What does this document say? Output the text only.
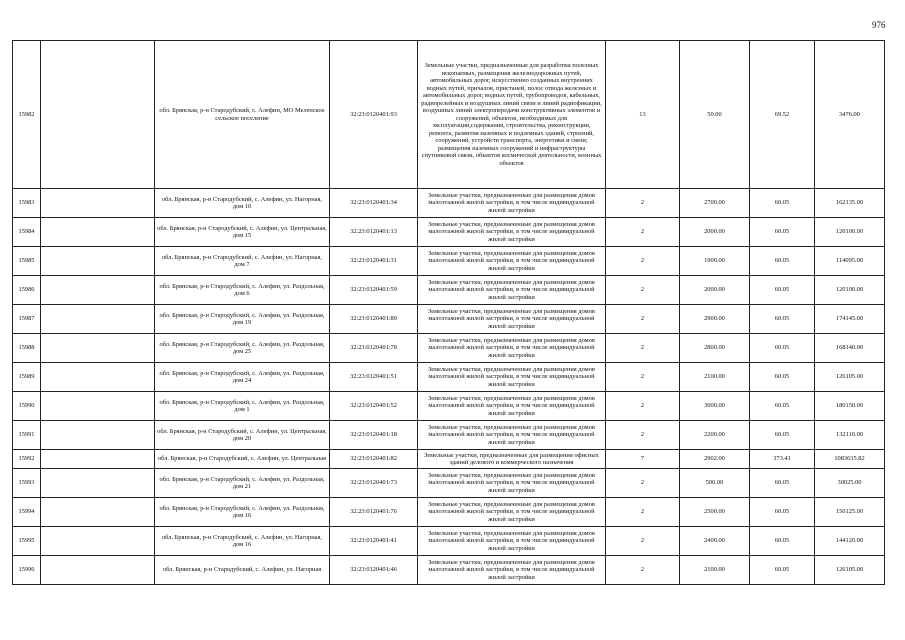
976
15982		обл. Брянская, р-н Стародубский, с. Алефин, МО Меленское сельское поселение	32:23:0120401:93	Земельные участки, предназначенные для разработки полезных ископаемых, размещения железнодорожных путей, автомобильных дорог, искусственно созданных внутренних водных путей, причалов, пристаней, полос отвода железных и автомобильных дорог, водных путей, трубопроводов, кабельных, радиорелейных и воздушных линий связи и линий радиофикации, воздушных линий электропередачи конструктивных элементов и сооружений, объектов, необходимых для эксплуатации,содержания, строительства, реконструкции, ремонта, развития наземных и подземных зданий, строений, сооружений, устройств транспорта, энергетики и связи; размещения наземных сооружений и инфраструктуры спутниковой связи, объектов космической деятельности, военных объектов	13	50.00	69.52	3476.00
15983		обл. Брянская, р-н Стародубский, с. Алефин, ул. Нагорная, дом 10	32:23:0120401:34	Земельные участки, предназначенные для размещения домов малоэтажной жилой застройки, в том числе индивидуальной жилой застройки	2	2700.00	60.05	162135.00
15984		обл. Брянская, р-н Стародубский, с. Алефин, ул. Центральная, дом 15	32:23:0120401:13	Земельные участки, предназначенные для размещения домов малоэтажной жилой застройки, в том числе индивидуальной жилой застройки	2	2000.00	60.05	120100.00
15985		обл. Брянская, р-н Стародубский, с. Алефин, ул. Нагорная, дом 7	32:23:0120401:31	Земельные участки, предназначенные для размещения домов малоэтажной жилой застройки, в том числе индивидуальной жилой застройки	2	1900.00	60.05	114095.00
15986		обл. Брянская, р-н Стародубский, с. Алефин, ул. Раздольная, дом 6	32:23:0120401:59	Земельные участки, предназначенные для размещения домов малоэтажной жилой застройки, в том числе индивидуальной жилой застройки	2	2000.00	60.05	120100.00
15987		обл. Брянская, р-н Стародубский, с. Алефин, ул. Раздольная, дом 19	32:23:0120401:80	Земельные участки, предназначенные для размещения домов малоэтажной жилой застройки, в том числе индивидуальной жилой застройки	2	2900.00	60.05	174145.00
15988		обл. Брянская, р-н Стародубский, с. Алефин, ул. Раздольная, дом 25	32:23:0120401:78	Земельные участки, предназначенные для размещения домов малоэтажной жилой застройки, в том числе индивидуальной жилой застройки	2	2800.00	60.05	168140.00
15989		обл. Брянская, р-н Стародубский, с. Алефин, ул. Раздольная, дом 24	32:23:0120401:51	Земельные участки, предназначенные для размещения домов малоэтажной жилой застройки, в том числе индивидуальной жилой застройки	2	2100.00	60.05	126105.00
15990		обл. Брянская, р-н Стародубский, с. Алефин, ул. Раздольная, дом 1	32:23:0120401:52	Земельные участки, предназначенные для размещения домов малоэтажной жилой застройки, в том числе индивидуальной жилой застройки	2	3000.00	60.05	180150.00
15991		обл. Брянская, р-н Стародубский, с. Алефин, ул. Центральная, дом 20	32:23:0120401:18	Земельные участки, предназначенные для размещения домов малоэтажной жилой застройки, в том числе индивидуальной жилой застройки	2	2200.00	60.05	132110.00
15992		обл. Брянская, р-н Стародубский, с. Алефин, ул. Центральная	32:23:0120401:82	Земельные участки, предназначенные для размещения офисных зданий делового и коммерческого назначения	7	2902.00	373.41	1083635.82
15993		обл. Брянская, р-н Стародубский, с. Алефин, ул. Раздольная, дом 21	32:23:0120401:73	Земельные участки, предназначенные для размещения домов малоэтажной жилой застройки, в том числе индивидуальной жилой застройки	2	500.00	60.05	30025.00
15994		обл. Брянская, р-н Стародубский, с. Алефин, ул. Раздольная, дом 16	32:23:0120401:76	Земельные участки, предназначенные для размещения домов малоэтажной жилой застройки, в том числе индивидуальной жилой застройки	2	2500.00	60.05	150125.00
15995		обл. Брянская, р-н Стародубский, с. Алефин, ул. Нагорная, дом 16	32:23:0120401:41	Земельные участки, предназначенные для размещения домов малоэтажной жилой застройки, в том числе индивидуальной жилой застройки	2	2400.00	60.05	144120.00
15996		обл. Брянская, р-н Стародубский, с. Алефин, ул. Нагорная	32:23:0120401:46	Земельные участки, предназначенные для размещения домов малоэтажной жилой застройки, в том числе индивидуальной жилой застройки	2	2100.00	60.05	126105.00
